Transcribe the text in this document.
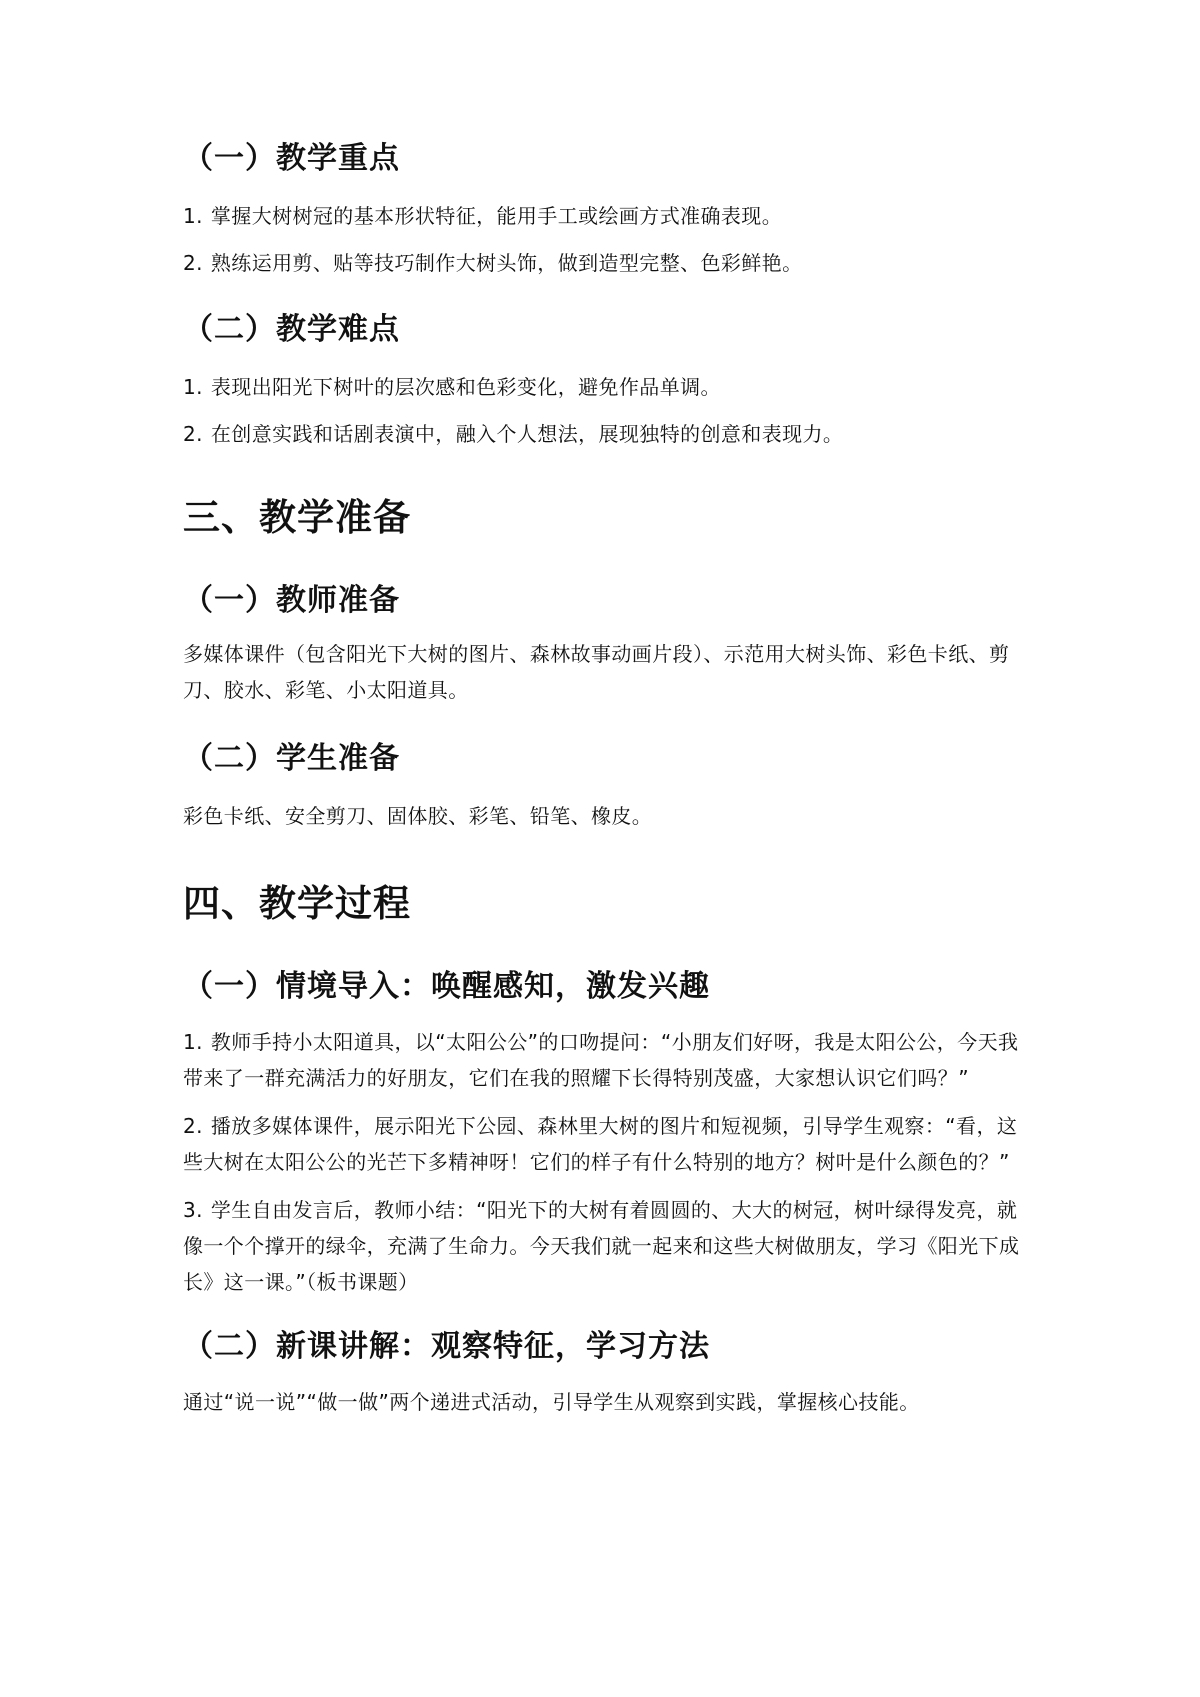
（一）教学重点
1. 掌握大树树冠的基本形状特征，能用手工或绘画方式准确表现。
2. 熟练运用剪、贴等技巧制作大树头饰，做到造型完整、色彩鲜艳。
（二）教学难点
1. 表现出阳光下树叶的层次感和色彩变化，避免作品单调。
2. 在创意实践和话剧表演中，融入个人想法，展现独特的创意和表现力。
三、教学准备
（一）教师准备

多媒体课件（包含阳光下大树的图片、森林故事动画片段）、示范用大树头饰、彩色卡纸、剪刀、胶水、彩笔、小太阳道具。

（二）学生准备

彩色卡纸、安全剪刀、固体胶、彩笔、铅笔、橡皮。

四、教学过程
（一）情境导入：唤醒感知，激发兴趣
1. 教师手持小太阳道具，以“太阳公公”的口吻提问：“小朋友们好呀，我是太阳公公，今天我带来了一群充满活力的好朋友，它们在我的照耀下长得特别茂盛，大家想认识它们吗？”
2. 播放多媒体课件，展示阳光下公园、森林里大树的图片和短视频，引导学生观察：“看，这些大树在太阳公公的光芒下多精神呀！它们的样子有什么特别的地方？树叶是什么颜色的？”
3. 学生自由发言后，教师小结：“阳光下的大树有着圆圆的、大大的树冠，树叶绿得发亮，就像一个个撑开的绿伞，充满了生命力。今天我们就一起来和这些大树做朋友，学习《阳光下成长》这一课。”（板书课题）
（二）新课讲解：观察特征，学习方法

通过“说一说”“做一做”两个递进式活动，引导学生从观察到实践，掌握核心技能。
